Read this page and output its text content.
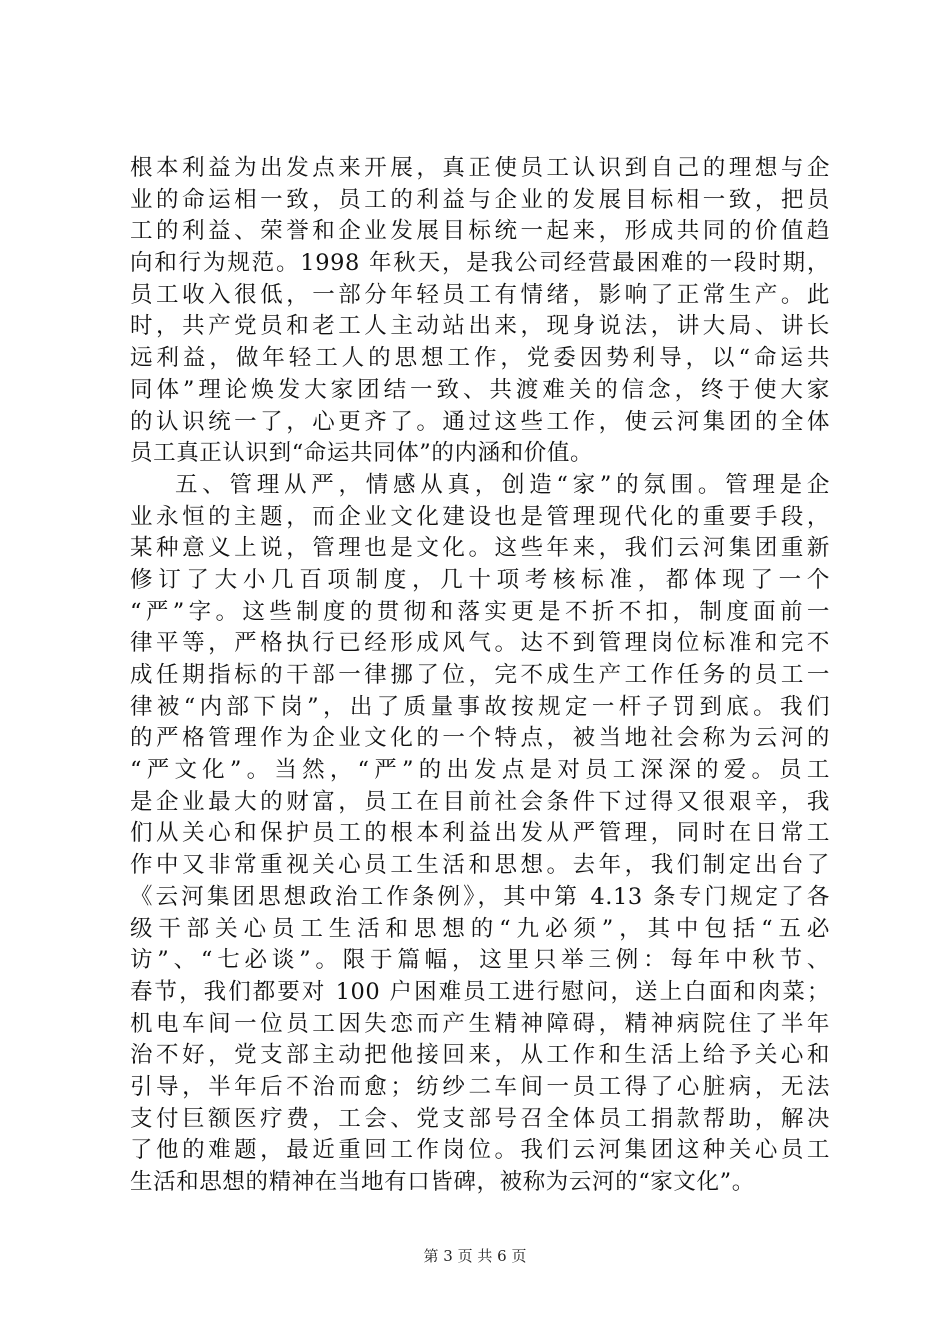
根本利益为出发点来开展，真正使员工认识到自己的理想与企
业的命运相一致，员工的利益与企业的发展目标相一致，把员
工的利益、荣誉和企业发展目标统一起来，形成共同的价值趋
向和行为规范。1998 年秋天，是我公司经营最困难的一段时期，
员工收入很低，一部分年轻员工有情绪，影响了正常生产。此
时，共产党员和老工人主动站出来，现身说法，讲大局、讲长
远利益，做年轻工人的思想工作，党委因势利导，以“命运共
同体”理论焕发大家团结一致、共渡难关的信念，终于使大家
的认识统一了，心更齐了。通过这些工作，使云河集团的全体
员工真正认识到“命运共同体”的内涵和价值。
五、管理从严，情感从真，创造“家”的氛围。管理是企
业永恒的主题，而企业文化建设也是管理现代化的重要手段，
某种意义上说，管理也是文化。这些年来，我们云河集团重新
修订了大小几百项制度，几十项考核标准，都体现了一个
“严”字。这些制度的贯彻和落实更是不折不扣，制度面前一
律平等，严格执行已经形成风气。达不到管理岗位标准和完不
成任期指标的干部一律挪了位，完不成生产工作任务的员工一
律被“内部下岗”，出了质量事故按规定一杆子罚到底。我们
的严格管理作为企业文化的一个特点，被当地社会称为云河的
“严文化”。当然，“严”的出发点是对员工深深的爱。员工
是企业最大的财富，员工在目前社会条件下过得又很艰辛，我
们从关心和保护员工的根本利益出发从严管理，同时在日常工
作中又非常重视关心员工生活和思想。去年，我们制定出台了
《云河集团思想政治工作条例》，其中第 4.13 条专门规定了各
级干部关心员工生活和思想的“九必须”，其中包括“五必
访”、“七必谈”。限于篇幅，这里只举三例：每年中秋节、
春节，我们都要对 100 户困难员工进行慰问，送上白面和肉菜；
机电车间一位员工因失恋而产生精神障碍，精神病院住了半年
治不好，党支部主动把他接回来，从工作和生活上给予关心和
引导，半年后不治而愈；纺纱二车间一员工得了心脏病，无法
支付巨额医疗费，工会、党支部号召全体员工捐款帮助，解决
了他的难题，最近重回工作岗位。我们云河集团这种关心员工
生活和思想的精神在当地有口皆碑，被称为云河的“家文化”。
第 3 页 共 6 页
